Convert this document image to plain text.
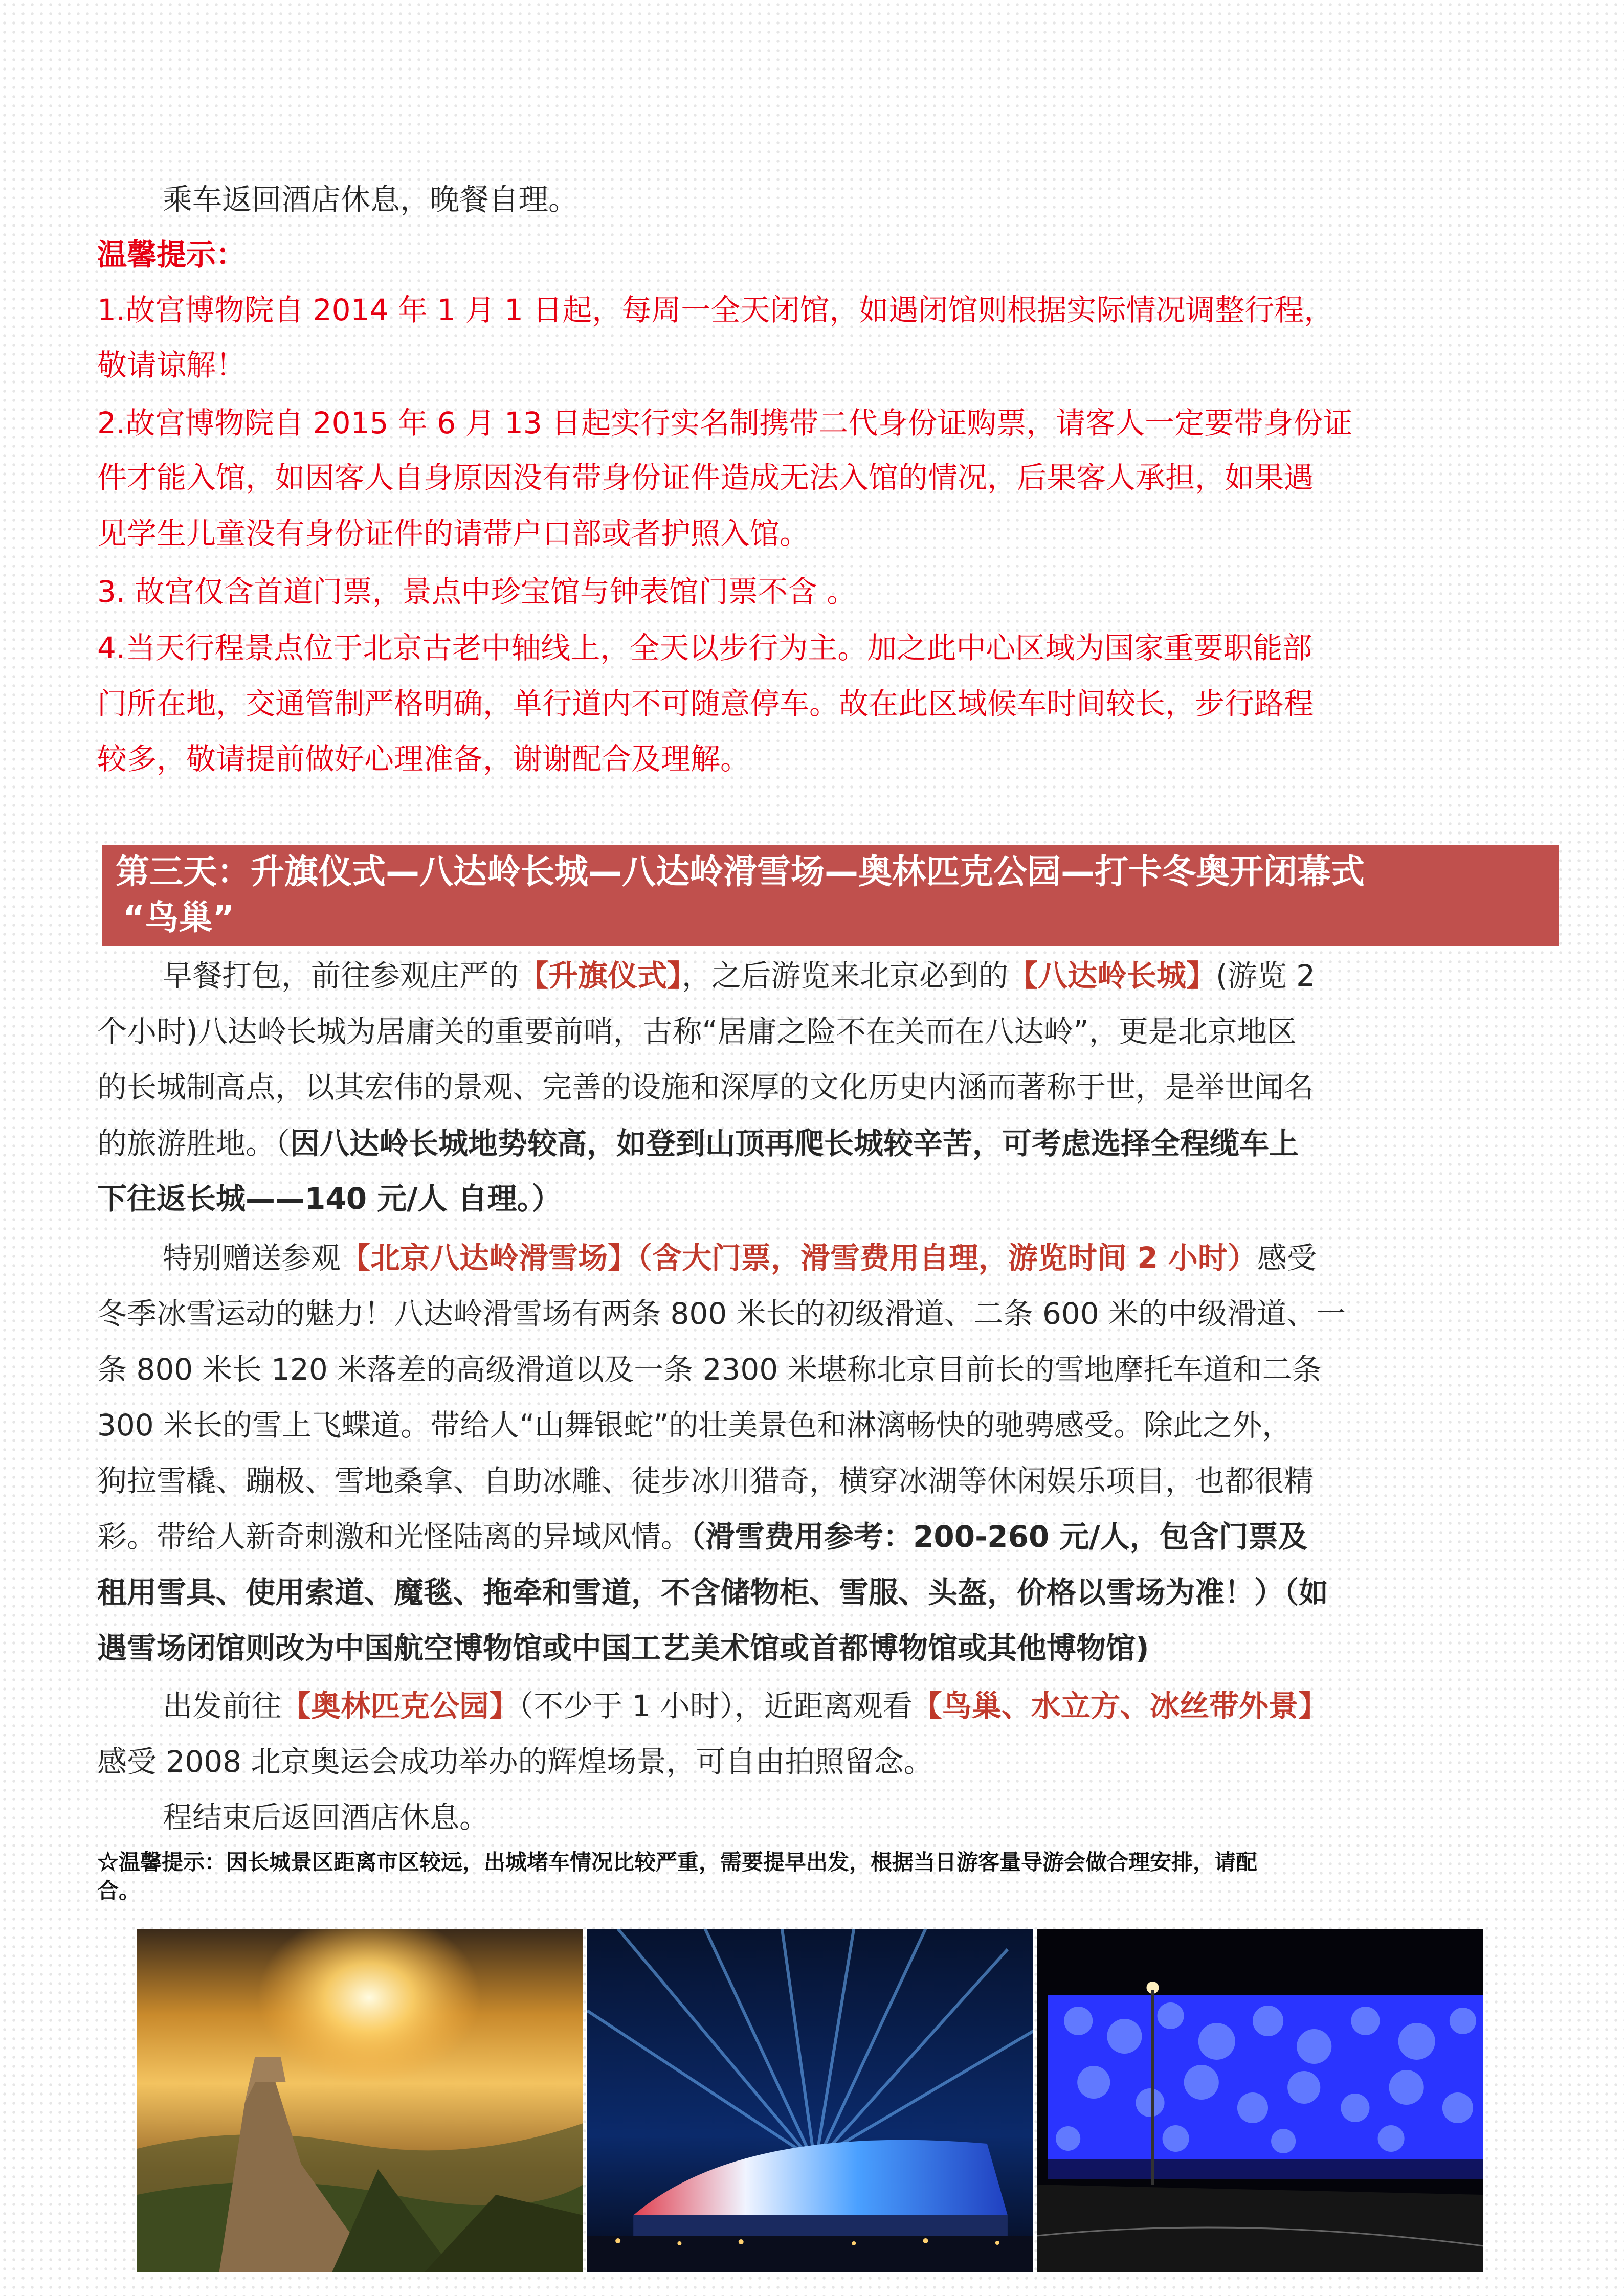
乘车返回酒店休息，晚餐自理。
温馨提示：
1.故宫博物院自 2014 年 1 月 1 日起，每周一全天闭馆，如遇闭馆则根据实际情况调整行程，
敬请谅解！
2.故宫博物院自 2015 年 6 月 13 日起实行实名制携带二代身份证购票，请客人一定要带身份证
件才能入馆，如因客人自身原因没有带身份证件造成无法入馆的情况，后果客人承担，如果遇
见学生儿童没有身份证件的请带户口部或者护照入馆。
3. 故宫仅含首道门票，景点中珍宝馆与钟表馆门票不含 。
4.当天行程景点位于北京古老中轴线上，全天以步行为主。加之此中心区域为国家重要职能部
门所在地，交通管制严格明确，单行道内不可随意停车。故在此区域候车时间较长，步行路程
较多，敬请提前做好心理准备，谢谢配合及理解。
第三天：升旗仪式—八达岭长城—八达岭滑雪场—奥林匹克公园—打卡冬奥开闭幕式
“鸟巢”
早餐打包，前往参观庄严的【升旗仪式】，之后游览来北京必到的【八达岭长城】(游览 2
个小时)八达岭长城为居庸关的重要前哨，古称“居庸之险不在关而在八达岭”，更是北京地区
的长城制高点，以其宏伟的景观、完善的设施和深厚的文化历史内涵而著称于世，是举世闻名
的旅游胜地。（因八达岭长城地势较高，如登到山顶再爬长城较辛苦，可考虑选择全程缆车上
下往返长城——140 元/人 自理。）
特别赠送参观【北京八达岭滑雪场】（含大门票，滑雪费用自理，游览时间 2 小时）感受
冬季冰雪运动的魅力！八达岭滑雪场有两条 800 米长的初级滑道、二条 600 米的中级滑道、一
条 800 米长 120 米落差的高级滑道以及一条 2300 米堪称北京目前长的雪地摩托车道和二条
300 米长的雪上飞蝶道。带给人“山舞银蛇”的壮美景色和淋漓畅快的驰骋感受。除此之外，
狗拉雪橇、蹦极、雪地桑拿、自助冰雕、徒步冰川猎奇，横穿冰湖等休闲娱乐项目，也都很精
彩。带给人新奇刺激和光怪陆离的异域风情。（滑雪费用参考：200-260 元/人，包含门票及
租用雪具、使用索道、魔毯、拖牵和雪道，不含储物柜、雪服、头盔，价格以雪场为准！）（如
遇雪场闭馆则改为中国航空博物馆或中国工艺美术馆或首都博物馆或其他博物馆)
出发前往【奥林匹克公园】（不少于 1 小时），近距离观看【鸟巢、水立方、冰丝带外景】
感受 2008 北京奥运会成功举办的辉煌场景，可自由拍照留念。
程结束后返回酒店休息。
☆温馨提示：因长城景区距离市区较远，出城堵车情况比较严重，需要提早出发，根据当日游客量导游会做合理安排，请配
合。
